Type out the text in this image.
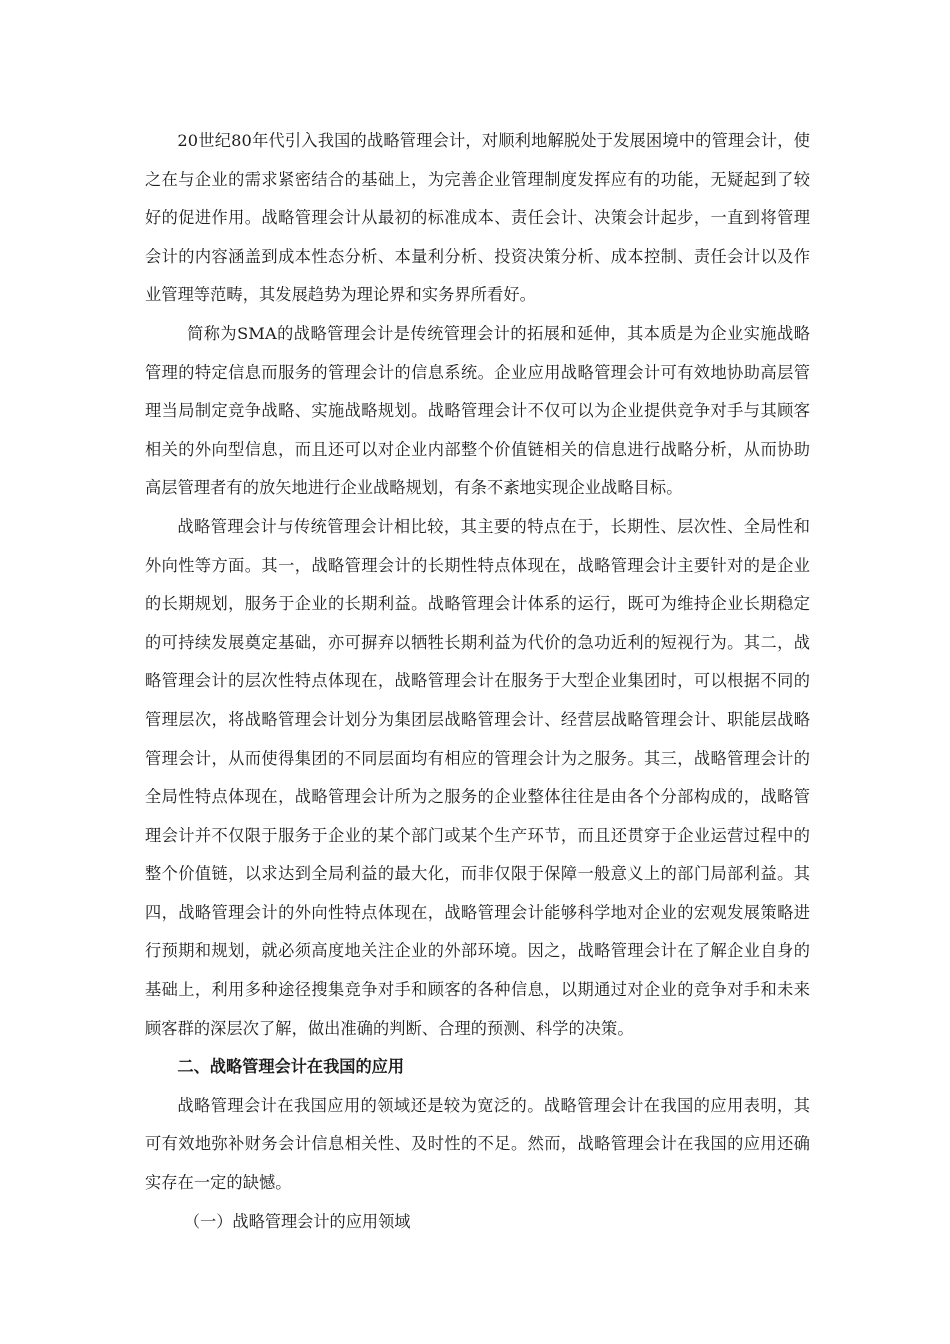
20世纪80年代引入我国的战略管理会计，对顺利地解脱处于发展困境中的管理会计，使之在与企业的需求紧密结合的基础上，为完善企业管理制度发挥应有的功能，无疑起到了较好的促进作用。战略管理会计从最初的标准成本、责任会计、决策会计起步，一直到将管理会计的内容涵盖到成本性态分析、本量利分析、投资决策分析、成本控制、责任会计以及作业管理等范畴，其发展趋势为理论界和实务界所看好。

简称为SMA的战略管理会计是传统管理会计的拓展和延伸，其本质是为企业实施战略管理的特定信息而服务的管理会计的信息系统。企业应用战略管理会计可有效地协助高层管理当局制定竞争战略、实施战略规划。战略管理会计不仅可以为企业提供竞争对手与其顾客相关的外向型信息，而且还可以对企业内部整个价值链相关的信息进行战略分析，从而协助高层管理者有的放矢地进行企业战略规划，有条不紊地实现企业战略目标。

战略管理会计与传统管理会计相比较，其主要的特点在于，长期性、层次性、全局性和外向性等方面。其一，战略管理会计的长期性特点体现在，战略管理会计主要针对的是企业的长期规划，服务于企业的长期利益。战略管理会计体系的运行，既可为维持企业长期稳定的可持续发展奠定基础，亦可摒弃以牺牲长期利益为代价的急功近利的短视行为。其二，战略管理会计的层次性特点体现在，战略管理会计在服务于大型企业集团时，可以根据不同的管理层次，将战略管理会计划分为集团层战略管理会计、经营层战略管理会计、职能层战略管理会计，从而使得集团的不同层面均有相应的管理会计为之服务。其三，战略管理会计的全局性特点体现在，战略管理会计所为之服务的企业整体往往是由各个分部构成的，战略管理会计并不仅限于服务于企业的某个部门或某个生产环节，而且还贯穿于企业运营过程中的整个价值链，以求达到全局利益的最大化，而非仅限于保障一般意义上的部门局部利益。其四，战略管理会计的外向性特点体现在，战略管理会计能够科学地对企业的宏观发展策略进行预期和规划，就必须高度地关注企业的外部环境。因之，战略管理会计在了解企业自身的基础上，利用多种途径搜集竞争对手和顾客的各种信息，以期通过对企业的竞争对手和未来顾客群的深层次了解，做出准确的判断、合理的预测、科学的决策。

二、战略管理会计在我国的应用

战略管理会计在我国应用的领域还是较为宽泛的。战略管理会计在我国的应用表明，其可有效地弥补财务会计信息相关性、及时性的不足。然而，战略管理会计在我国的应用还确实存在一定的缺憾。

（一）战略管理会计的应用领域
